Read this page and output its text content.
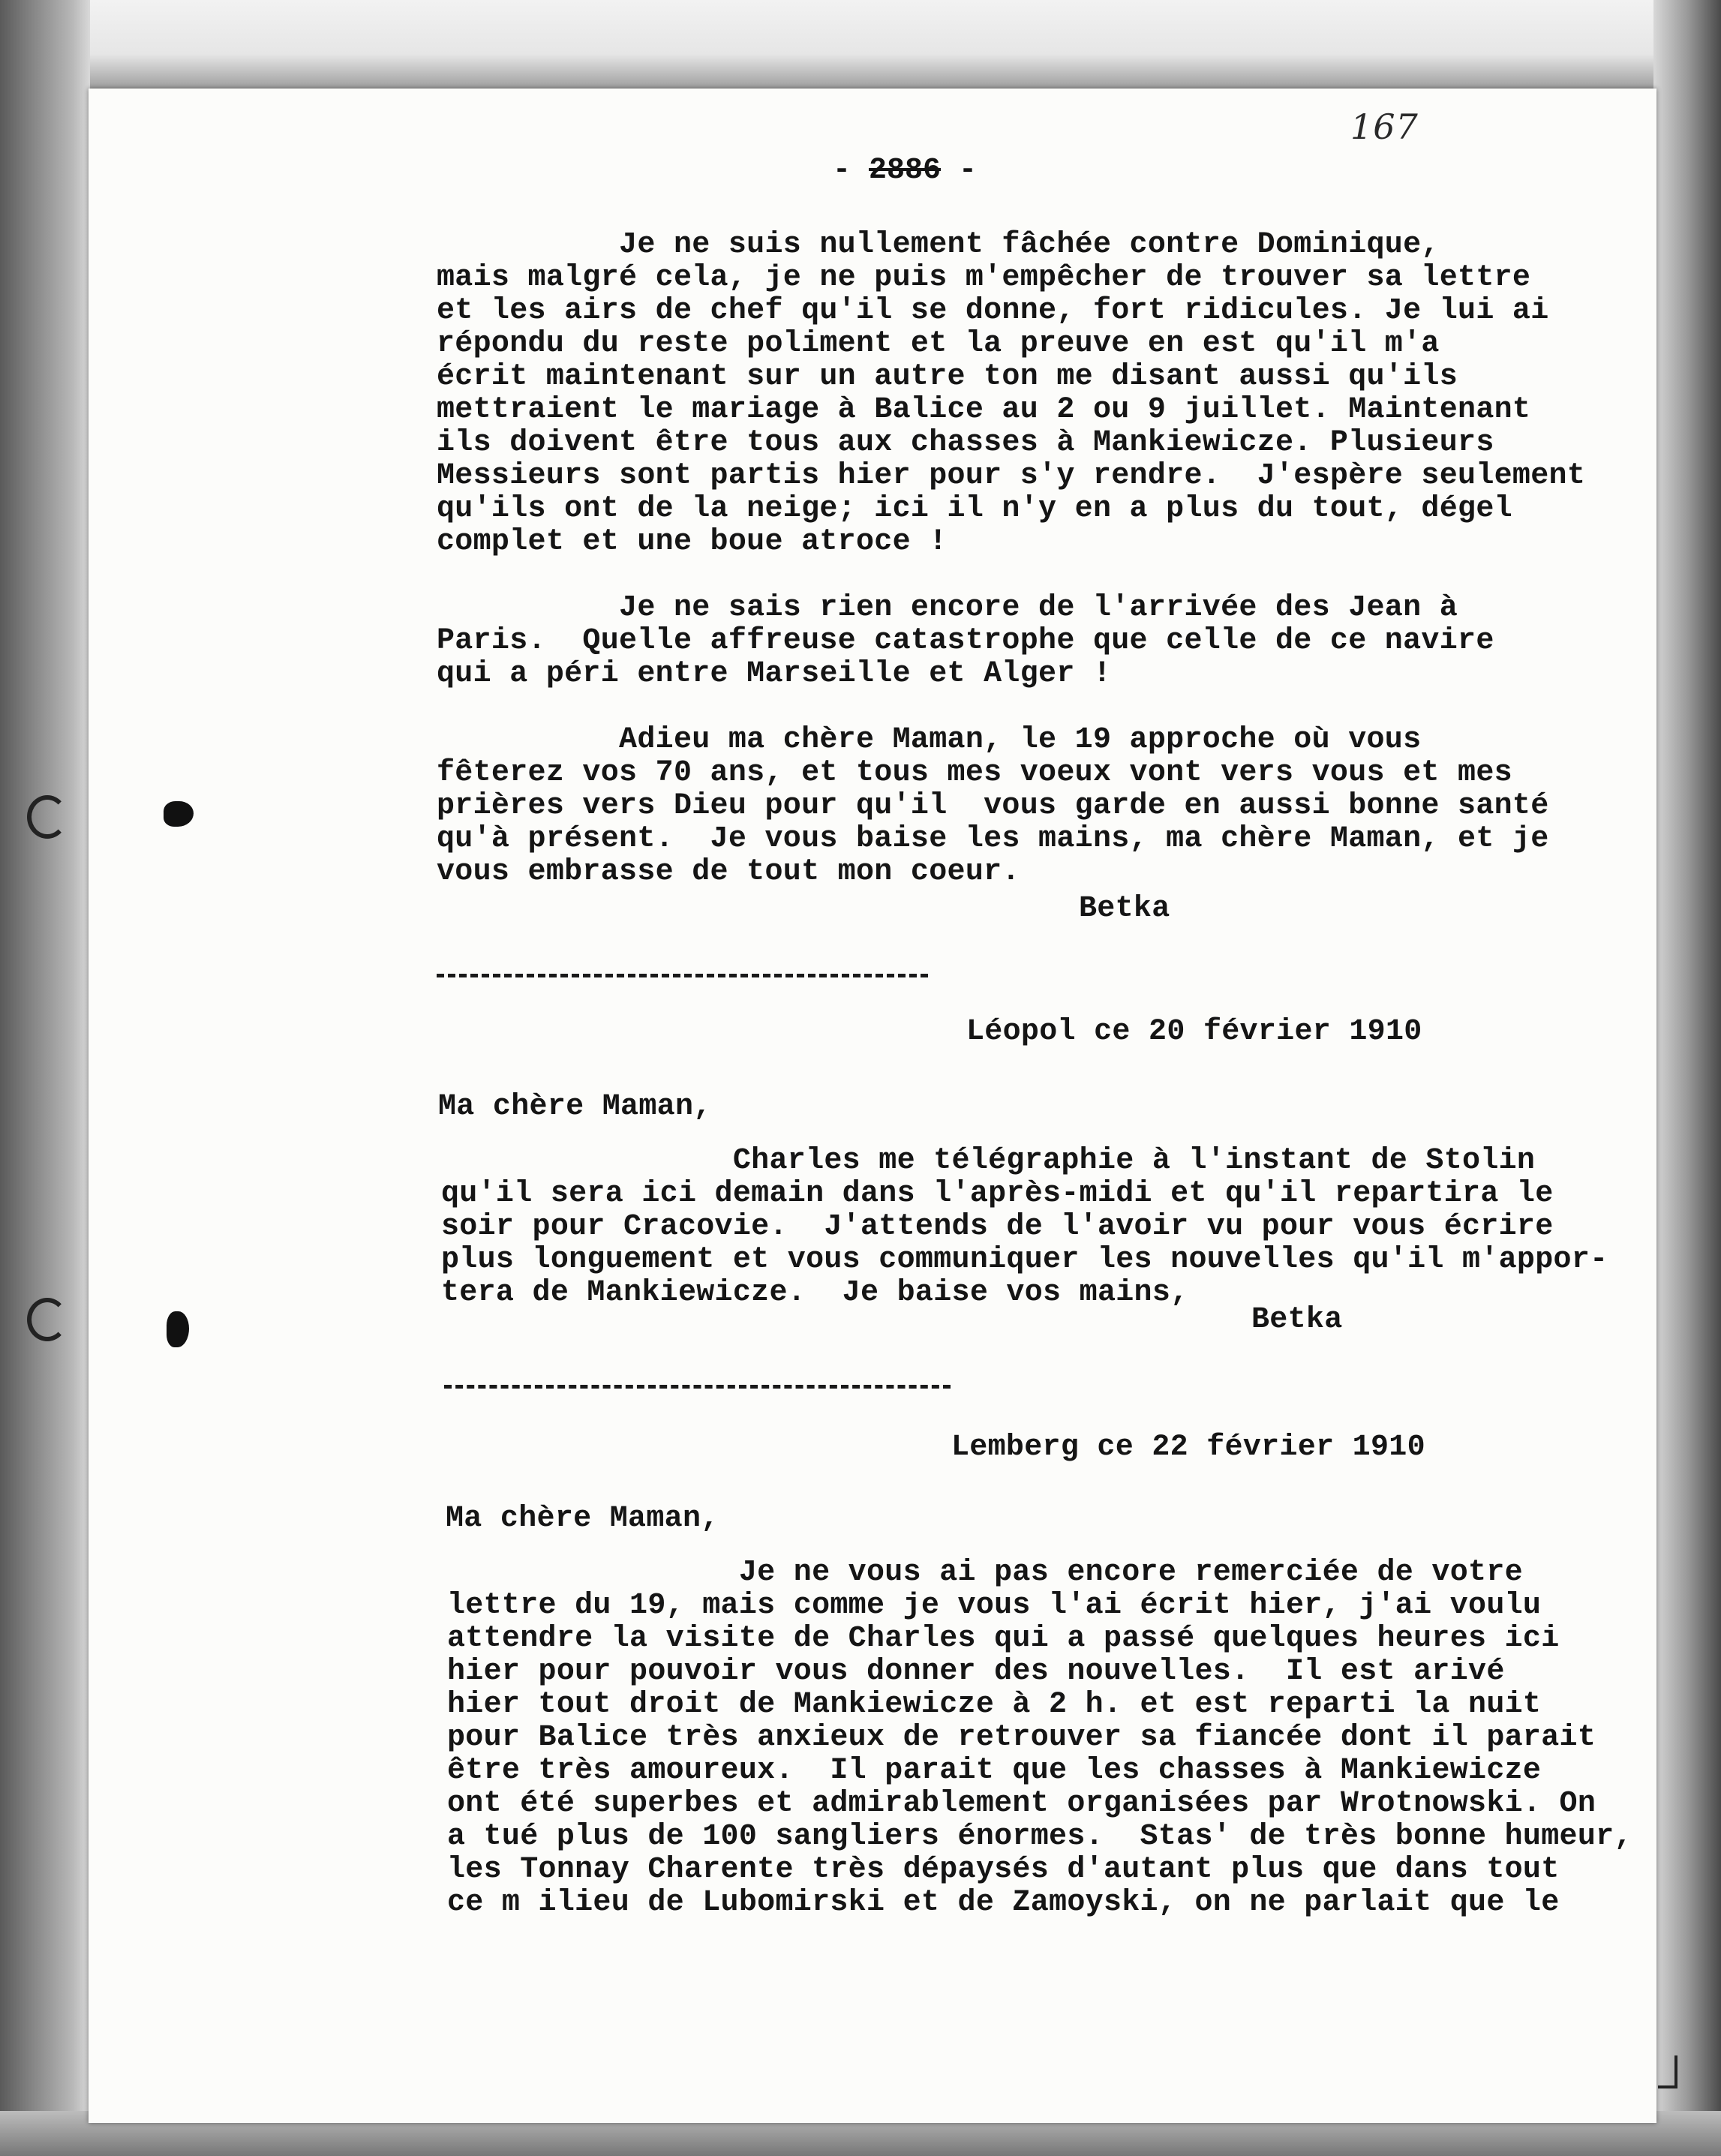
167
- 2886 -
Je ne suis nullement fâchée contre Dominique,
mais malgré cela, je ne puis m'empêcher de trouver sa lettre
et les airs de chef qu'il se donne, fort ridicules. Je lui ai
répondu du reste poliment et la preuve en est qu'il m'a
écrit maintenant sur un autre ton me disant aussi qu'ils
mettraient le mariage à Balice au 2 ou 9 juillet. Maintenant
ils doivent être tous aux chasses à Mankiewicze. Plusieurs
Messieurs sont partis hier pour s'y rendre.  J'espère seulement
qu'ils ont de la neige; ici il n'y en a plus du tout, dégel
complet et une boue atroce !

Je ne sais rien encore de l'arrivée des Jean à
Paris.  Quelle affreuse catastrophe que celle de ce navire
qui a péri entre Marseille et Alger !

Adieu ma chère Maman, le 19 approche où vous
fêterez vos 70 ans, et tous mes voeux vont vers vous et mes
prières vers Dieu pour qu'il  vous garde en aussi bonne santé
qu'à présent.  Je vous baise les mains, ma chère Maman, et je
vous embrasse de tout mon coeur.
Betka
Léopol ce 20 février 1910
Ma chère Maman,
Charles me télégraphie à l'instant de Stolin
qu'il sera ici demain dans l'après-midi et qu'il repartira le
soir pour Cracovie.  J'attends de l'avoir vu pour vous écrire
plus longuement et vous communiquer les nouvelles qu'il m'appor-
tera de Mankiewicze.  Je baise vos mains,
Betka
Lemberg ce 22 février 1910
Ma chère Maman,
Je ne vous ai pas encore remerciée de votre
lettre du 19, mais comme je vous l'ai écrit hier, j'ai voulu
attendre la visite de Charles qui a passé quelques heures ici
hier pour pouvoir vous donner des nouvelles.  Il est arivé
hier tout droit de Mankiewicze à 2 h. et est reparti la nuit
pour Balice très anxieux de retrouver sa fiancée dont il parait
être très amoureux.  Il parait que les chasses à Mankiewicze
ont été superbes et admirablement organisées par Wrotnowski. On
a tué plus de 100 sangliers énormes.  Stas' de très bonne humeur,
les Tonnay Charente très dépaysés d'autant plus que dans tout
ce m ilieu de Lubomirski et de Zamoyski, on ne parlait que le
